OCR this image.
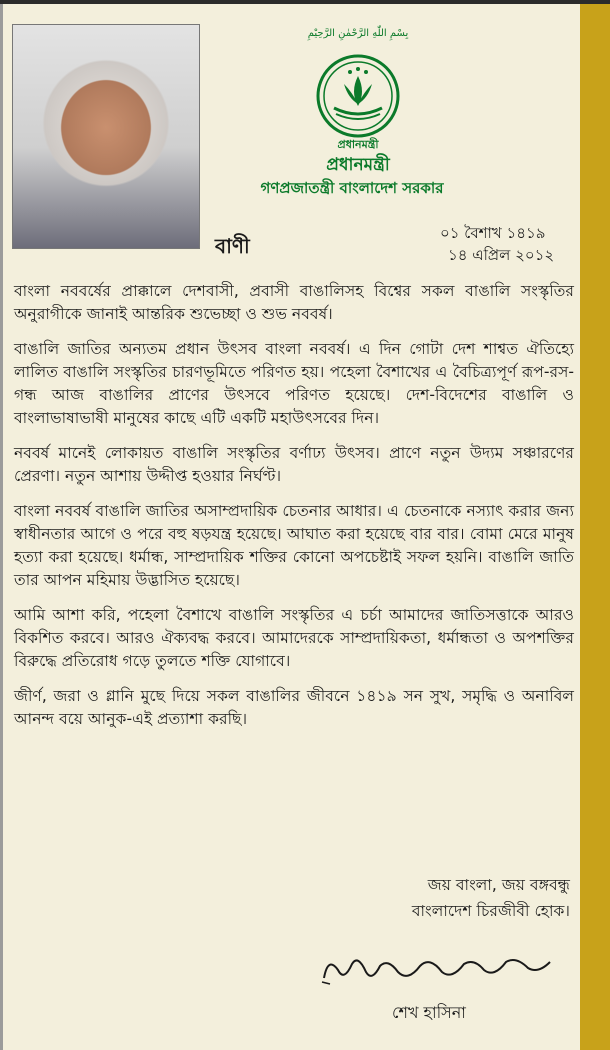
بِسْمِ اللّٰهِ الرَّحْمٰنِ الرَّحِيْمِ
প্রধানমন্ত্রী
প্রধানমন্ত্রী
গণপ্রজাতন্ত্রী বাংলাদেশ সরকার
বাণী
০১ বৈশাখ ১৪১৯
১৪ এপ্রিল ২০১২

বাংলা নববর্ষের প্রাক্কালে দেশবাসী, প্রবাসী বাঙালিসহ বিশ্বের সকল বাঙালি সংস্কৃতির অনুরাগীকে জানাই আন্তরিক শুভেচ্ছা ও শুভ নববর্ষ।

বাঙালি জাতির অন্যতম প্রধান উৎসব বাংলা নববর্ষ। এ দিন গোটা দেশ শাশ্বত ঐতিহ্যে লালিত বাঙালি সংস্কৃতির চারণভূমিতে পরিণত হয়। পহেলা বৈশাখের এ বৈচিত্র্যপূর্ণ রূপ-রস-গন্ধ আজ বাঙালির প্রাণের উৎসবে পরিণত হয়েছে। দেশ-বিদেশের বাঙালি ও বাংলাভাষাভাষী মানুষের কাছে এটি একটি মহাউৎসবের দিন।

নববর্ষ মানেই লোকায়ত বাঙালি সংস্কৃতির বর্ণাঢ্য উৎসব। প্রাণে নতুন উদ্যম সঞ্চারণের প্রেরণা। নতুন আশায় উদ্দীপ্ত হওয়ার নির্ঘণ্ট।

বাংলা নববর্ষ বাঙালি জাতির অসাম্প্রদায়িক চেতনার আধার। এ চেতনাকে নস্যাৎ করার জন্য স্বাধীনতার আগে ও পরে বহু ষড়যন্ত্র হয়েছে। আঘাত করা হয়েছে বার বার। বোমা মেরে মানুষ হত্যা করা হয়েছে। ধর্মান্ধ, সাম্প্রদায়িক শক্তির কোনো অপচেষ্টাই সফল হয়নি। বাঙালি জাতি তার আপন মহিমায় উদ্ভাসিত হয়েছে।

আমি আশা করি, পহেলা বৈশাখে বাঙালি সংস্কৃতির এ চর্চা আমাদের জাতিসত্তাকে আরও বিকশিত করবে। আরও ঐক্যবদ্ধ করবে। আমাদেরকে সাম্প্রদায়িকতা, ধর্মান্ধতা ও অপশক্তির বিরুদ্ধে প্রতিরোধ গড়ে তুলতে শক্তি যোগাবে।

জীর্ণ, জরা ও গ্লানি মুছে দিয়ে সকল বাঙালির জীবনে ১৪১৯ সন সুখ, সমৃদ্ধি ও অনাবিল আনন্দ বয়ে আনুক-এই প্রত্যাশা করছি।

জয় বাংলা, জয় বঙ্গবন্ধু
বাংলাদেশ চিরজীবী হোক।
শেখ হাসিনা
